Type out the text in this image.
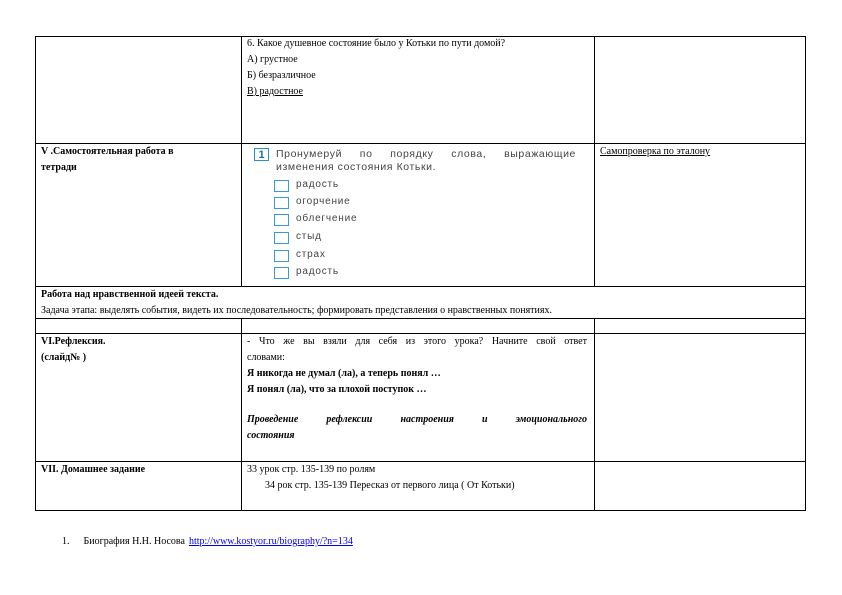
6. Какое душевное состояние было у Котьки по пути домой?
А) грустное
Б) безразличное
В) радостное
V .Самостоятельная работа в
тетради
1	Пронумеруй по порядку слова, выражающие изменения состояния Котьки.
радость
огорчение
облегчение
стыд
страх
радость
Самопроверка по эталону
Работа над нравственной идеей текста.
Задача этапа: выделять события, видеть их последовательность; формировать представления о нравственных понятиях.
VI.Рефлексия.
(слайд№ )
- Что же вы взяли для себя из этого урока? Начните свой ответ
словами:
Я никогда не думал (ла), а теперь понял …
Я понял (ла), что за плохой поступок …
Проведение рефлексии настроения и эмоционального
состояния
VII. Домашнее задание	33 урок стр. 135-139 по ролям
34 рок стр. 135-139 Пересказ от первого лица ( От Котьки)
1. Биография Н.Н. Носова http://www.kostyor.ru/biography/?n=134
